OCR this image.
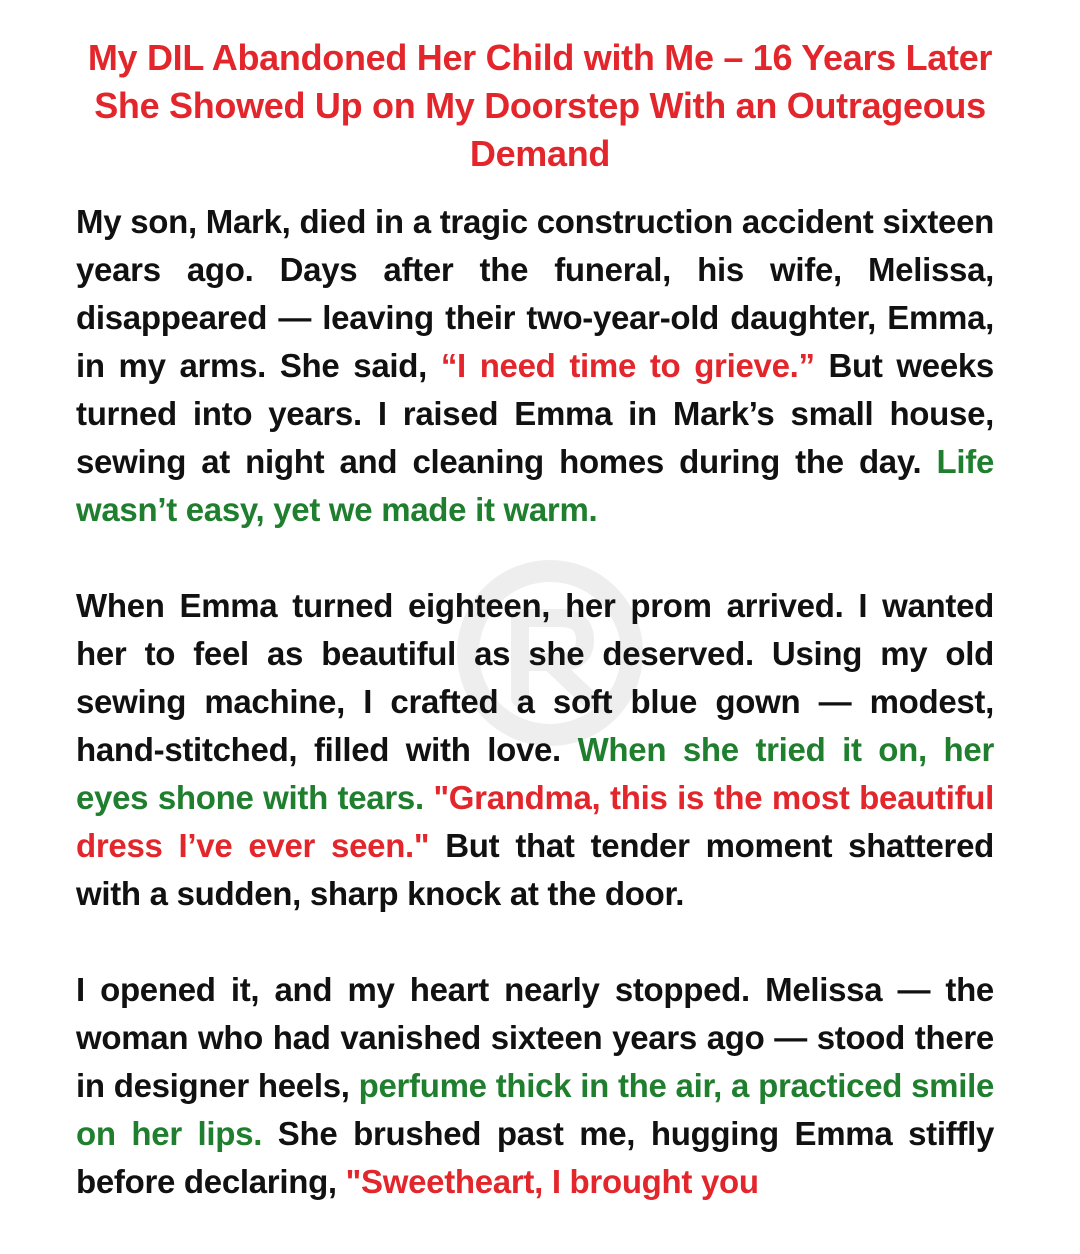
My DIL Abandoned Her Child with Me – 16 Years Later She Showed Up on My Doorstep With an Outrageous Demand

My son, Mark, died in a tragic construction accident sixteen years ago. Days after the funeral, his wife, Melissa, disappeared — leaving their two-year-old daughter, Emma, in my arms. She said, “I need time to grieve.” But weeks turned into years. I raised Emma in Mark’s small house, sewing at night and cleaning homes during the day. Life wasn’t easy, yet we made it warm.

When Emma turned eighteen, her prom arrived. I wanted her to feel as beautiful as she deserved. Using my old sewing machine, I crafted a soft blue gown — modest, hand-stitched, filled with love. When she tried it on, her eyes shone with tears. "Grandma, this is the most beautiful dress I’ve ever seen." But that tender moment shattered with a sudden, sharp knock at the door.

I opened it, and my heart nearly stopped. Melissa — the woman who had vanished sixteen years ago — stood there in designer heels, perfume thick in the air, a practiced smile on her lips. She brushed past me, hugging Emma stiffly before declaring, "Sweetheart, I brought you
